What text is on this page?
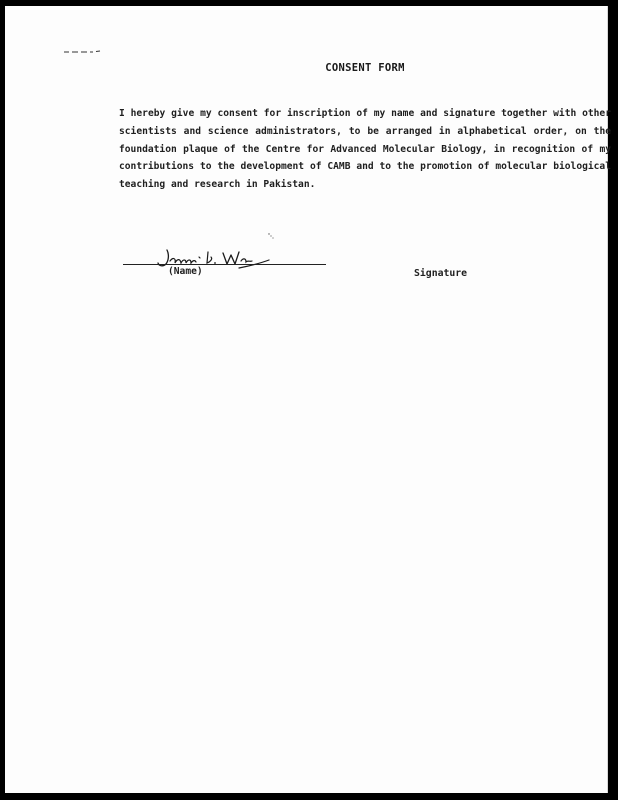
CONSENT FORM

I hereby give my consent for inscription of my name and signature together with other scientists and science administrators, to be arranged in alphabetical order, on the foundation plaque of the Centre for Advanced Molecular Biology, in recognition of my contributions to the development of CAMB and to the promotion of molecular biological teaching and research in Pakistan.

(Name)	Signature
